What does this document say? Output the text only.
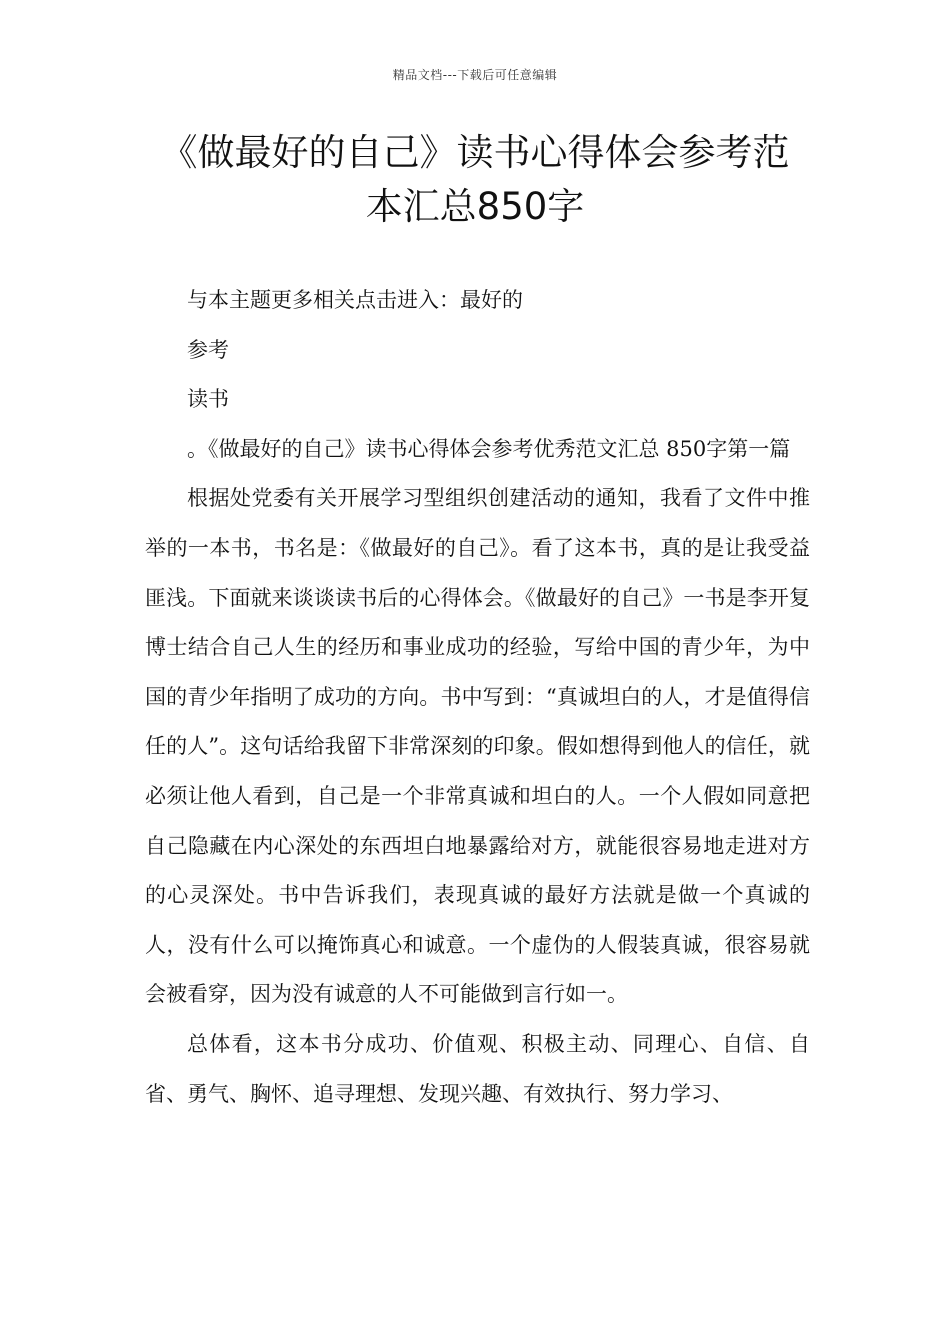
精品文档---下载后可任意编辑
《做最好的自己》读书心得体会参考范
本汇总850字

与本主题更多相关点击进入：最好的

参考

读书

。《做最好的自己》读书心得体会参考优秀范文汇总 850字第一篇

根据处党委有关开展学习型组织创建活动的通知，我看了文件中推举的一本书，书名是：《做最好的自己》。看了这本书，真的是让我受益匪浅。下面就来谈谈读书后的心得体会。《做最好的自己》一书是李开复博士结合自己人生的经历和事业成功的经验，写给中国的青少年，为中国的青少年指明了成功的方向。书中写到：“真诚坦白的人，才是值得信任的人”。这句话给我留下非常深刻的印象。假如想得到他人的信任，就必须让他人看到，自己是一个非常真诚和坦白的人。一个人假如同意把自己隐藏在内心深处的东西坦白地暴露给对方，就能很容易地走进对方的心灵深处。书中告诉我们，表现真诚的最好方法就是做一个真诚的人，没有什么可以掩饰真心和诚意。一个虚伪的人假装真诚，很容易就会被看穿，因为没有诚意的人不可能做到言行如一。

总体看，这本书分成功、价值观、积极主动、同理心、自信、自省、勇气、胸怀、追寻理想、发现兴趣、有效执行、努力学习、
